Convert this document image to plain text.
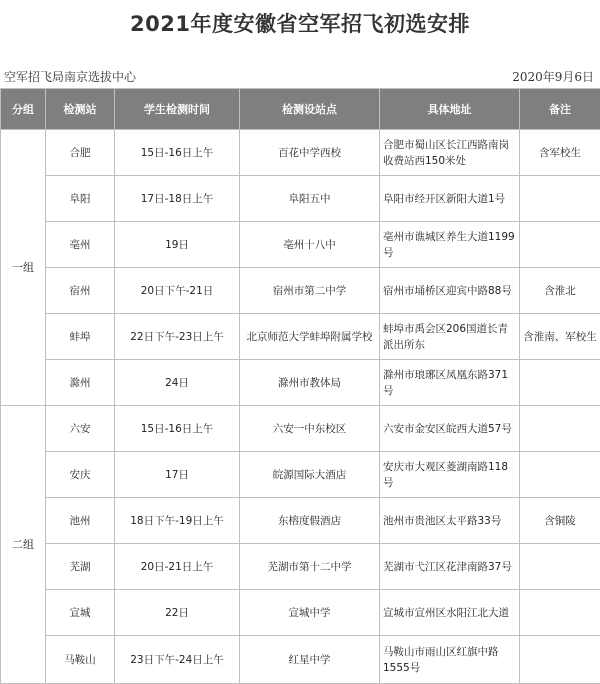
2021年度安徽省空军招飞初选安排
空军招飞局南京选拔中心	2020年9月6日
分组	检测站	学生检测时间	检测设站点	具体地址	备注
一组	合肥	15日-16日上午	百花中学西校	合肥市蜀山区长江西路南岗收费站西150米处	含军校生
	阜阳	17日-18日上午	阜阳五中	阜阳市经开区新阳大道1号	
	亳州	19日	亳州十八中	亳州市谯城区养生大道1199号	
	宿州	20日下午-21日	宿州市第二中学	宿州市埇桥区迎宾中路88号	含淮北
	蚌埠	22日下午-23日上午	北京师范大学蚌埠附属学校	蚌埠市禹会区206国道长青派出所东	含淮南、军校生
	滁州	24日	滁州市教体局	滁州市琅琊区凤凰东路371号	
二组	六安	15日-16日上午	六安一中东校区	六安市金安区皖西大道57号	
	安庆	17日	皖源国际大酒店	安庆市大观区菱湖南路118号	
	池州	18日下午-19日上午	东榕度假酒店	池州市贵池区太平路33号	含铜陵
	芜湖	20日-21日上午	芜湖市第十二中学	芜湖市弋江区花津南路37号	
	宣城	22日	宣城中学	宣城市宣州区水阳江北大道	
	马鞍山	23日下午-24日上午	红星中学	马鞍山市雨山区红旗中路1555号	
